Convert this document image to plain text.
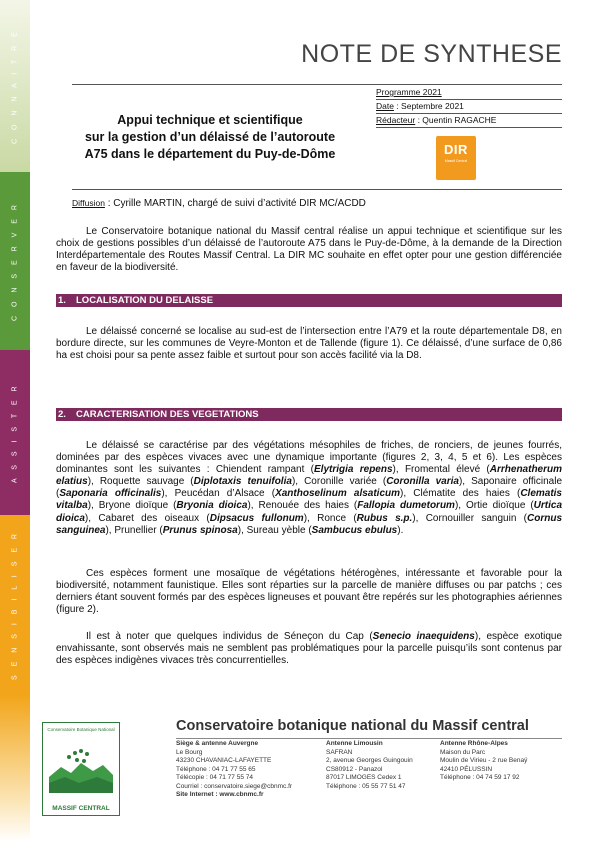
C O N N A I T R E
C O N S E R V E R
A S S I S T E R
S E N S I B I L I S E R
NOTE DE SYNTHESE
Appui technique et scientifique
sur la gestion d’un délaissé de l’autoroute
A75 dans le département du Puy-de-Dôme
Programme 2021
Date : Septembre 2021
Rédacteur : Quentin RAGACHE
DIR
Massif Central
Diffusion : Cyrille MARTIN, chargé de suivi d’activité DIR MC/ACDD

Le Conservatoire botanique national du Massif central réalise un appui technique et scientifique sur les choix de gestions possibles d’un délaissé de l’autoroute A75 dans le Puy-de-Dôme, à la demande de la Direction Interdépartementale des Routes Massif Central. La DIR MC souhaite en effet opter pour une gestion différenciée en faveur de la biodiversité.

1. LOCALISATION DU DELAISSE

Le délaissé concerné se localise au sud-est de l’intersection entre l’A79 et la route départementale D8, en bordure directe, sur les communes de Veyre-Monton et de Tallende (figure 1). Ce délaissé, d’une surface de 0,86 ha est choisi pour sa pente assez faible et surtout pour son accès facilité via la D8.

2. CARACTERISATION DES VEGETATIONS

Le délaissé se caractérise par des végétations mésophiles de friches, de ronciers, de jeunes fourrés, dominées par des espèces vivaces avec une dynamique importante (figures 2, 3, 4, 5 et 6). Les espèces dominantes sont les suivantes : Chiendent rampant (Elytrigia repens), Fromental élevé (Arrhenatherum elatius), Roquette sauvage (Diplotaxis tenuifolia), Coronille variée (Coronilla varia), Saponaire officinale (Saponaria officinalis), Peucédan d’Alsace (Xanthoselinum alsaticum), Clématite des haies (Clematis vitalba), Bryone dioïque (Bryonia dioica), Renouée des haies (Fallopia dumetorum), Ortie dioïque (Urtica dioica), Cabaret des oiseaux (Dipsacus fullonum), Ronce (Rubus s.p.), Cornouiller sanguin (Cornus sanguinea), Prunellier (Prunus spinosa), Sureau yèble (Sambucus ebulus).

Ces espèces forment une mosaïque de végétations hétérogènes, intéressante et favorable pour la biodiversité, notamment faunistique. Elles sont réparties sur la parcelle de manière diffuses ou par patchs ; ces derniers étant souvent formés par des espèces ligneuses et pouvant être repérés sur les photographies aériennes (figure 2).

Il est à noter que quelques individus de Séneçon du Cap (Senecio inaequidens), espèce exotique envahissante, sont observés mais ne semblent pas problématiques pour la parcelle puisqu’ils sont contenus par des espèces indigènes vivaces très concurrentielles.

Conservatoire Botanique National
MASSIF CENTRAL
Conservatoire botanique national du Massif central
Siège & antenne Auvergne
Le Bourg
43230 CHAVANIAC-LAFAYETTE
Téléphone : 04 71 77 55 65
Télécopie : 04 71 77 55 74
Courriel : conservatoire.siege@cbnmc.fr
Site Internet : www.cbnmc.fr
Antenne Limousin
SAFRAN
2, avenue Georges Guingouin
CS80912 - Panazol
87017 LIMOGES Cedex 1
Téléphone : 05 55 77 51 47
Antenne Rhône-Alpes
Maison du Parc
Moulin de Virieu - 2 rue Benaÿ
42410 PÉLUSSIN
Téléphone : 04 74 59 17 92
